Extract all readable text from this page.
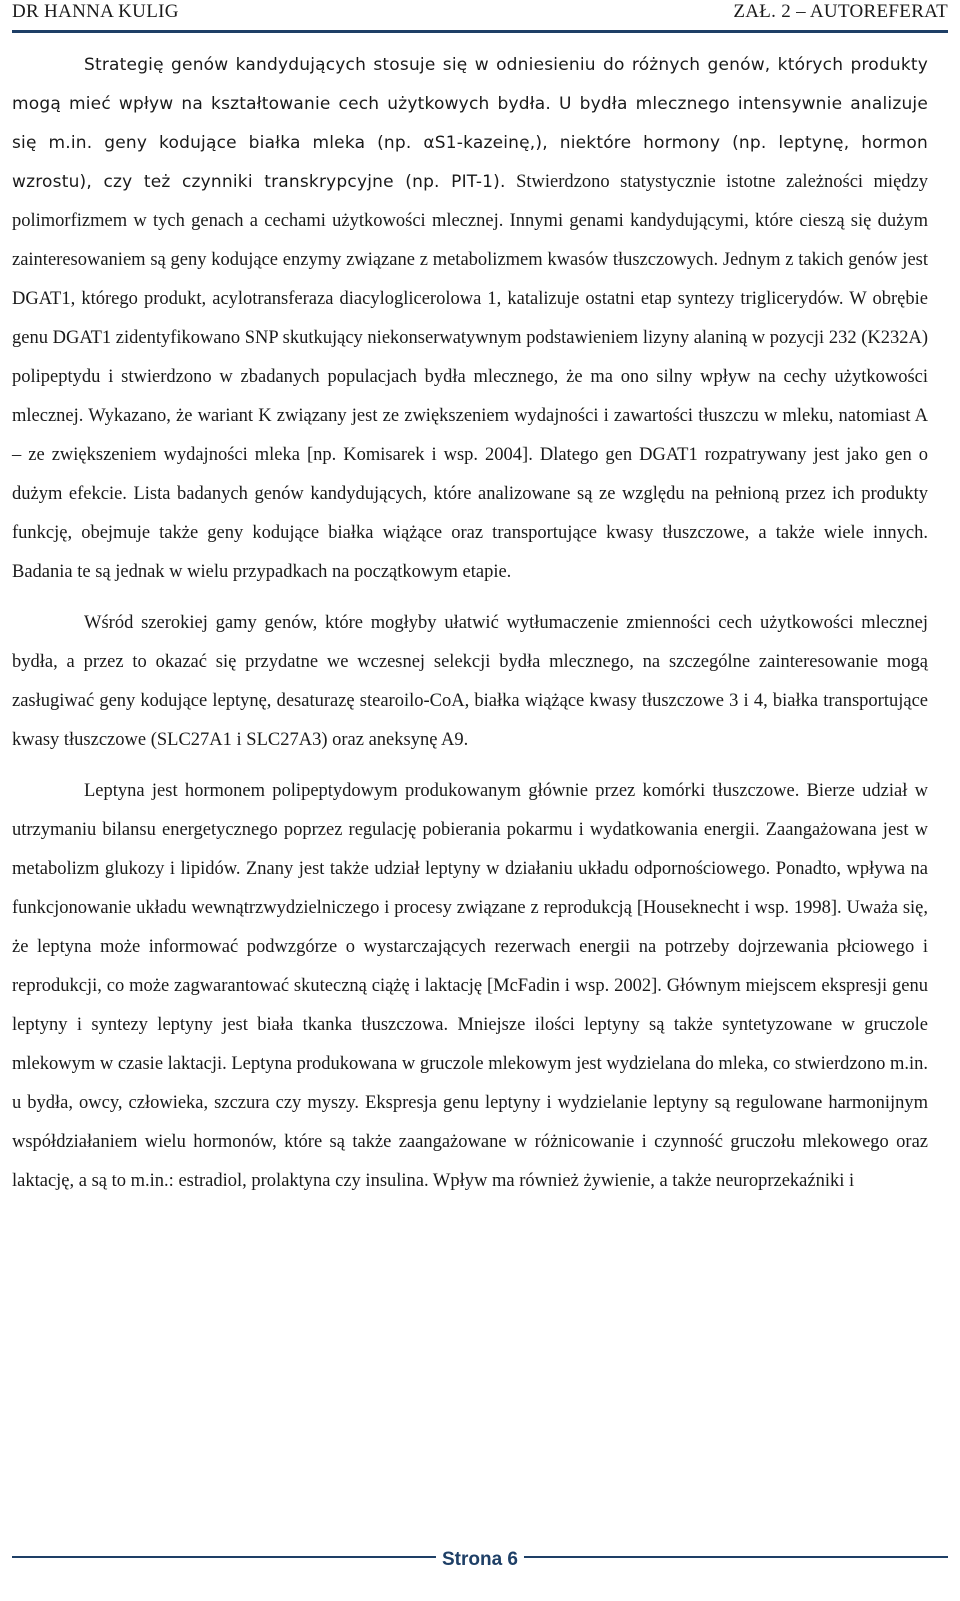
DR HANNA KULIG	ZAŁ. 2 – AUTOREFERAT

Strategię genów kandydujących stosuje się w odniesieniu do różnych genów, których produkty mogą mieć wpływ na kształtowanie cech użytkowych bydła. U bydła mlecznego intensywnie analizuje się m.in. geny kodujące białka mleka (np. αS1-kazeinę,), niektóre hormony (np. leptynę, hormon wzrostu), czy też czynniki transkrypcyjne (np. PIT-1). Stwierdzono statystycznie istotne zależności między polimorfizmem w tych genach a cechami użytkowości mlecznej. Innymi genami kandydującymi, które cieszą się dużym zainteresowaniem są geny kodujące enzymy związane z metabolizmem kwasów tłuszczowych. Jednym z takich genów jest DGAT1, którego produkt, acylotransferaza diacyloglicerolowa 1, katalizuje ostatni etap syntezy triglicerydów. W obrębie genu DGAT1 zidentyfikowano SNP skutkujący niekonserwatywnym podstawieniem lizyny alaniną w pozycji 232 (K232A) polipeptydu i stwierdzono w zbadanych populacjach bydła mlecznego, że ma ono silny wpływ na cechy użytkowości mlecznej. Wykazano, że wariant K związany jest ze zwiększeniem wydajności i zawartości tłuszczu w mleku, natomiast A – ze zwiększeniem wydajności mleka [np. Komisarek i wsp. 2004]. Dlatego gen DGAT1 rozpatrywany jest jako gen o dużym efekcie. Lista badanych genów kandydujących, które analizowane są ze względu na pełnioną przez ich produkty funkcję, obejmuje także geny kodujące białka wiążące oraz transportujące kwasy tłuszczowe, a także wiele innych. Badania te są jednak w wielu przypadkach na początkowym etapie.

Wśród szerokiej gamy genów, które mogłyby ułatwić wytłumaczenie zmienności cech użytkowości mlecznej bydła, a przez to okazać się przydatne we wczesnej selekcji bydła mlecznego, na szczególne zainteresowanie mogą zasługiwać geny kodujące leptynę, desaturazę stearoilo-CoA, białka wiążące kwasy tłuszczowe 3 i 4, białka transportujące kwasy tłuszczowe (SLC27A1 i SLC27A3) oraz aneksynę A9.

Leptyna jest hormonem polipeptydowym produkowanym głównie przez komórki tłuszczowe. Bierze udział w utrzymaniu bilansu energetycznego poprzez regulację pobierania pokarmu i wydatkowania energii. Zaangażowana jest w metabolizm glukozy i lipidów. Znany jest także udział leptyny w działaniu układu odpornościowego. Ponadto, wpływa na funkcjonowanie układu wewnątrzwydzielniczego i procesy związane z reprodukcją [Houseknecht i wsp. 1998]. Uważa się, że leptyna może informować podwzgórze o wystarczających rezerwach energii na potrzeby dojrzewania płciowego i reprodukcji, co może zagwarantować skuteczną ciążę i laktację [McFadin i wsp. 2002]. Głównym miejscem ekspresji genu leptyny i syntezy leptyny jest biała tkanka tłuszczowa. Mniejsze ilości leptyny są także syntetyzowane w gruczole mlekowym w czasie laktacji. Leptyna produkowana w gruczole mlekowym jest wydzielana do mleka, co stwierdzono m.in. u bydła, owcy, człowieka, szczura czy myszy. Ekspresja genu leptyny i wydzielanie leptyny są regulowane harmonijnym współdziałaniem wielu hormonów, które są także zaangażowane w różnicowanie i czynność gruczołu mlekowego oraz laktację, a są to m.in.: estradiol, prolaktyna czy insulina. Wpływ ma również żywienie, a także neuroprzekaźniki i

Strona 6
